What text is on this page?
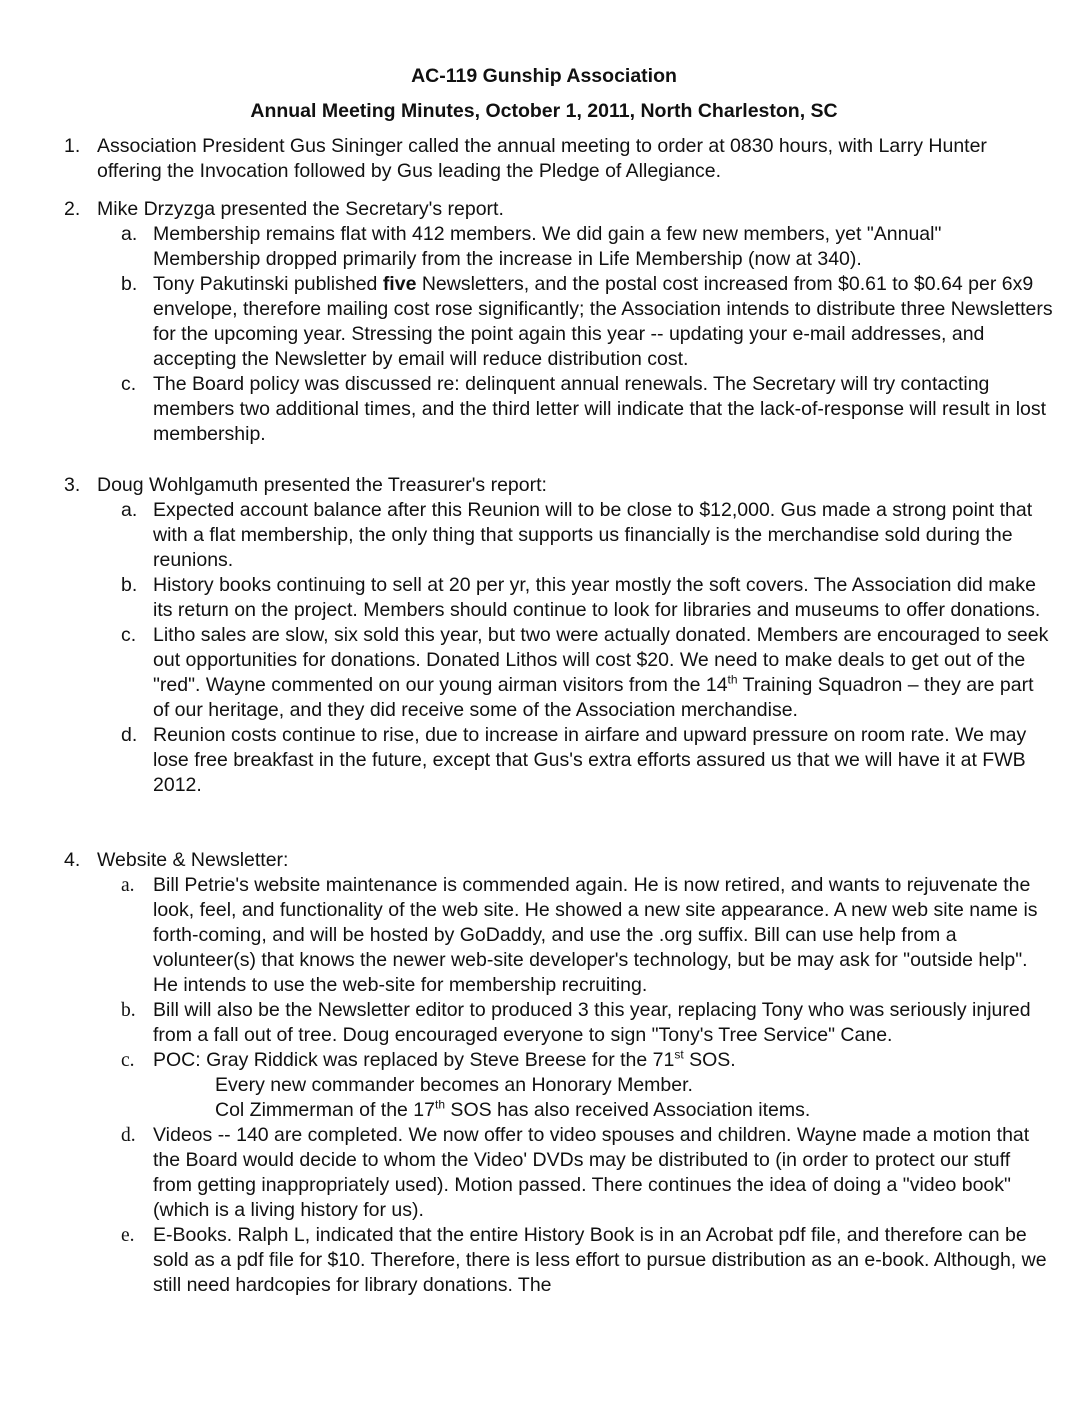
AC-119 Gunship Association
Annual Meeting Minutes, October 1, 2011, North Charleston, SC
1. Association President Gus Sininger called the annual meeting to order at 0830 hours, with Larry Hunter offering the Invocation followed by Gus leading the Pledge of Allegiance.
2. Mike Drzyzga presented the Secretary's report.
a. Membership remains flat with 412 members. We did gain a few new members, yet "Annual" Membership dropped primarily from the increase in Life Membership (now at 340).
b. Tony Pakutinski published five Newsletters, and the postal cost increased from $0.61 to $0.64 per 6x9 envelope, therefore mailing cost rose significantly; the Association intends to distribute three Newsletters for the upcoming year. Stressing the point again this year -- updating your e-mail addresses, and accepting the Newsletter by email will reduce distribution cost.
c. The Board policy was discussed re: delinquent annual renewals. The Secretary will try contacting members two additional times, and the third letter will indicate that the lack-of-response will result in lost membership.
3. Doug Wohlgamuth presented the Treasurer's report:
a. Expected account balance after this Reunion will to be close to $12,000. Gus made a strong point that with a flat membership, the only thing that supports us financially is the merchandise sold during the reunions.
b. History books continuing to sell at 20 per yr, this year mostly the soft covers. The Association did make its return on the project. Members should continue to look for libraries and museums to offer donations.
c. Litho sales are slow, six sold this year, but two were actually donated. Members are encouraged to seek out opportunities for donations. Donated Lithos will cost $20. We need to make deals to get out of the "red". Wayne commented on our young airman visitors from the 14th Training Squadron – they are part of our heritage, and they did receive some of the Association merchandise.
d. Reunion costs continue to rise, due to increase in airfare and upward pressure on room rate. We may lose free breakfast in the future, except that Gus's extra efforts assured us that we will have it at FWB 2012.
4. Website & Newsletter:
a. Bill Petrie's website maintenance is commended again. He is now retired, and wants to rejuvenate the look, feel, and functionality of the web site. He showed a new site appearance. A new web site name is forth-coming, and will be hosted by GoDaddy, and use the .org suffix. Bill can use help from a volunteer(s) that knows the newer web-site developer's technology, but be may ask for "outside help". He intends to use the web-site for membership recruiting.
b. Bill will also be the Newsletter editor to produced 3 this year, replacing Tony who was seriously injured from a fall out of tree. Doug encouraged everyone to sign "Tony's Tree Service" Cane.
c. POC: Gray Riddick was replaced by Steve Breese for the 71st SOS.
Every new commander becomes an Honorary Member.
Col Zimmerman of the 17th SOS has also received Association items.
d. Videos -- 140 are completed. We now offer to video spouses and children. Wayne made a motion that the Board would decide to whom the Video' DVDs may be distributed to (in order to protect our stuff from getting inappropriately used). Motion passed. There continues the idea of doing a "video book" (which is a living history for us).
e. E-Books. Ralph L, indicated that the entire History Book is in an Acrobat pdf file, and therefore can be sold as a pdf file for $10. Therefore, there is less effort to pursue distribution as an e-book. Although, we still need hardcopies for library donations. The
